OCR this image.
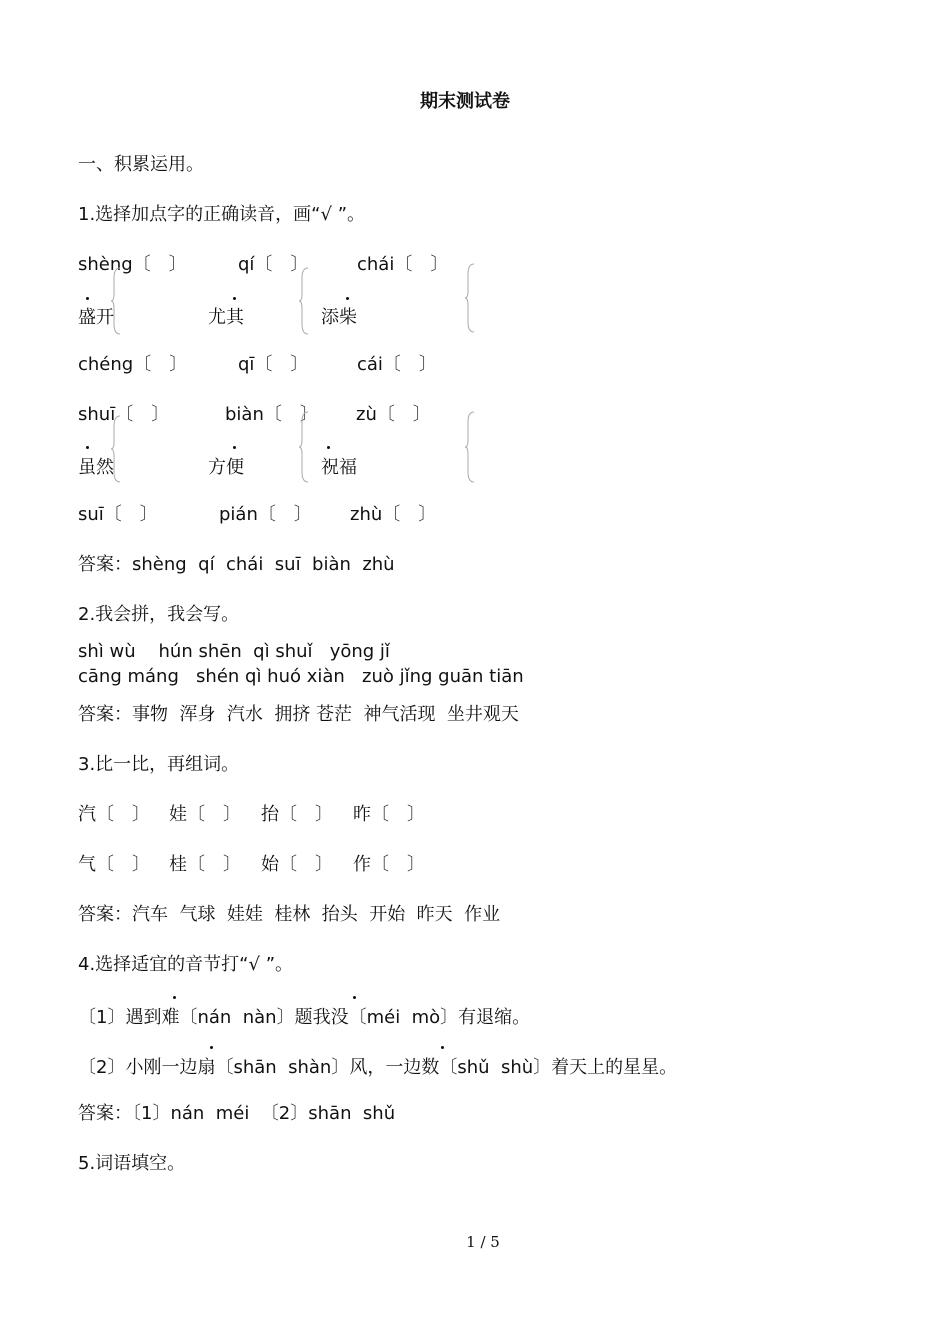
期末测试卷
一、积累运用。
1.选择加点字的正确读音，画“√ ”。
shèng〔　〕	qí〔　〕	chái〔　〕
盛开	尤其	添柴
chéng〔　〕	qī〔　〕	cái〔　〕
shuī〔　〕	biàn〔　〕 zù〔　〕
虽然	方便	祝福
suī〔　〕	pián〔　〕 zhù〔　〕
答案：shèng  qí  chái  suī  biàn  zhù
2.我会拼，我会写。
shì wù    hún shēn  qì shuǐ   yōng jǐ
cāng máng   shén qì huó xiàn   zuò jǐng guān tiān
答案：事物  浑身  汽水  拥挤 苍茫  神气活现  坐井观天
3.比一比，再组词。
汽〔　〕 娃〔　〕 抬〔　〕 昨〔　〕
气〔　〕 桂〔　〕 始〔　〕 作〔　〕
答案：汽车  气球  娃娃  桂林  抬头  开始  昨天  作业
4.选择适宜的音节打“√ ”。
〔1〕遇到难〔nán  nàn〕题我没〔méi  mò〕有退缩。
〔2〕小刚一边扇〔shān  shàn〕风，一边数〔shǔ  shù〕着天上的星星。
答案：〔1〕nán  méi  〔2〕shān  shǔ
5.词语填空。
1 / 5
